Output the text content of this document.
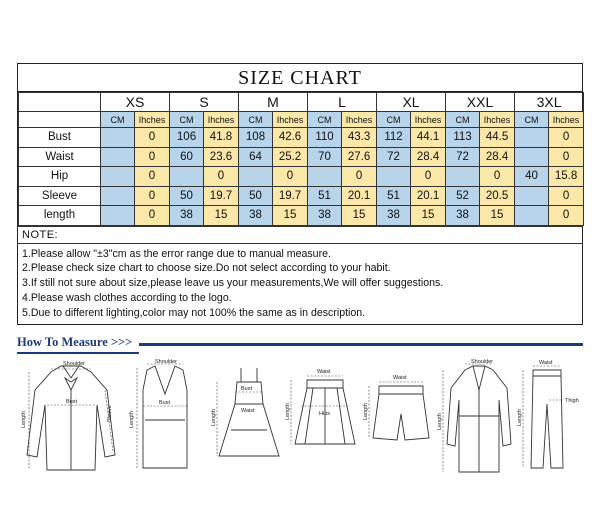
SIZE CHART
	XS		S		M		L		XL		XXL		3XL	
	CM	Ihches	CM	Ihches	CM	Ihches	CM	Ihches	CM	Ihches	CM	Ihches	CM	Ihches
Bust		0	106	41.8	108	42.6	110	43.3	112	44.1	113	44.5		0
Waist		0	60	23.6	64	25.2	70	27.6	72	28.4	72	28.4		0
Hip		0		0		0		0		0		0	40	15.8
Sleeve		0	50	19.7	50	19.7	51	20.1	51	20.1	52	20.5		0
length		0	38	15	38	15	38	15	38	15	38	15		0
NOTE:
1.Please allow "±3"cm as the error range due to manual measure.
2.Please check size chart to choose size.Do not select according to your habit.
3.If still not sure about size,please leave us your measurements,We will offer suggestions.
4.Please wash clothes according to the logo.
5.Due to different lighting,color may not 100% the same as in description.
How To Measure >>>
Shoulder
Bust
Length	Sleeve
Shoulder
Bust
Length
Bust
Waist
Length
Waist
Hips
Length
Waist
Length
Shoulder
Length
Waist
Thigh
Length
